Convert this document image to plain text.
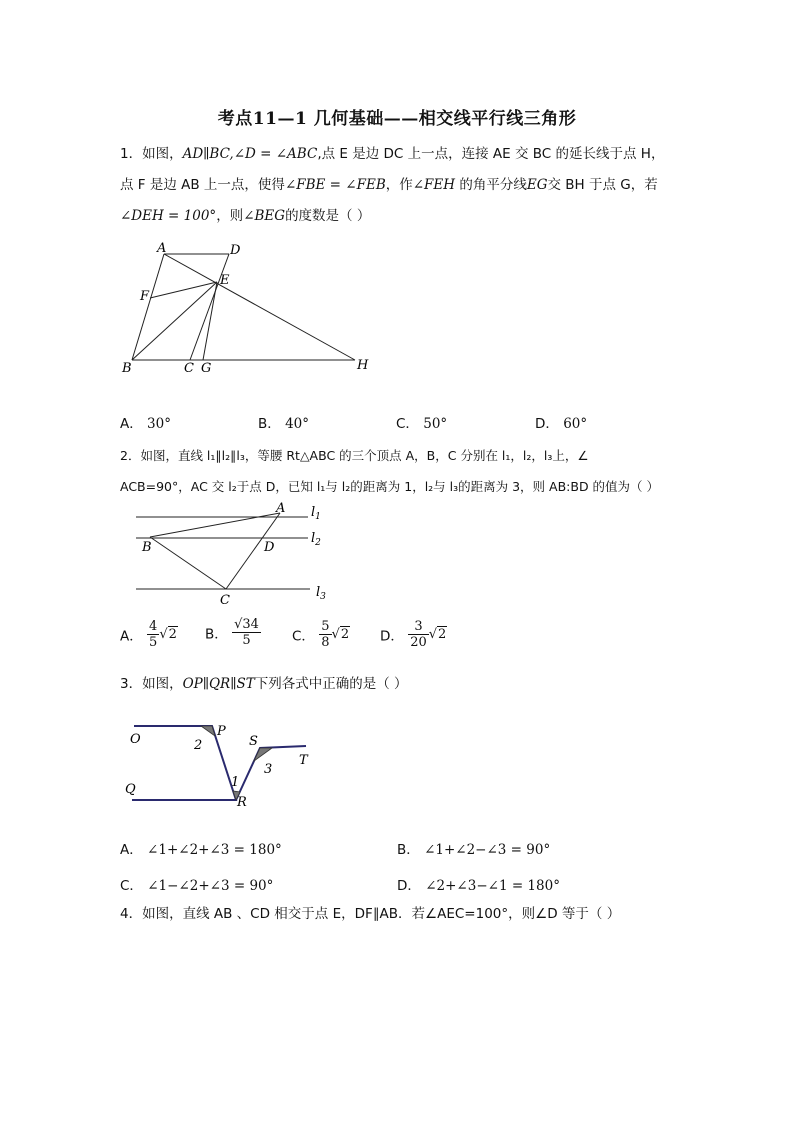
考点11—1 几何基础——相交线平行线三角形
1．如图，AD∥BC,∠D = ∠ABC,点 E 是边 DC 上一点，连接 AE 交 BC 的延长线于点 H，
点 F 是边 AB 上一点，使得∠FBE = ∠FEB，作∠FEH 的角平分线EG交 BH 于点 G，若
∠DEH = 100°，则∠BEG的度数是（ ）
A	D
E
F
B	C G	H
A． 30°	B． 40°	C． 50°	D． 60°
2．如图，直线 l₁∥l₂∥l₃，等腰 Rt△ABC 的三个顶点 A，B，C 分别在 l₁，l₂，l₃上，∠
ACB=90°，AC 交 l₂于点 D，已知 l₁与 l₂的距离为 1，l₂与 l₃的距离为 3，则 AB:BD 的值为（ ）
A
B	D
C
$l_1$
$l_2$
$l_3$
A． $\frac{4}{5} √2$ B． $\frac{√34}{5}$ C． $\frac{5}{8} √2$ D． $\frac{3}{20} √2$
3．如图，OP∥QR∥ST下列各式中正确的是（ ）
O
P
2	S
3
T
1
Q
R
A． ∠1+∠2+∠3 = 180°	B． ∠1+∠2−∠3 = 90°
C． ∠1−∠2+∠3 = 90°	D． ∠2+∠3−∠1 = 180°
4．如图，直线 AB 、CD 相交于点 E，DF∥AB．若∠AEC=100°，则∠D 等于（ ）
